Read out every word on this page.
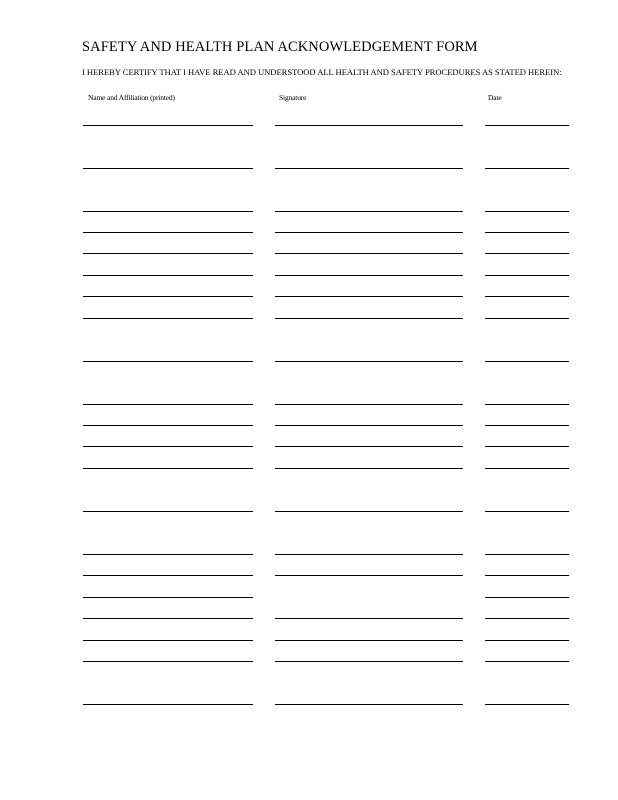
SAFETY AND HEALTH PLAN ACKNOWLEDGEMENT FORM
I HEREBY CERTIFY THAT I HAVE READ AND UNDERSTOOD ALL HEALTH AND SAFETY PROCEDURES AS STATED HEREIN:
Name and Affiliation (printed)	Signature	Date
